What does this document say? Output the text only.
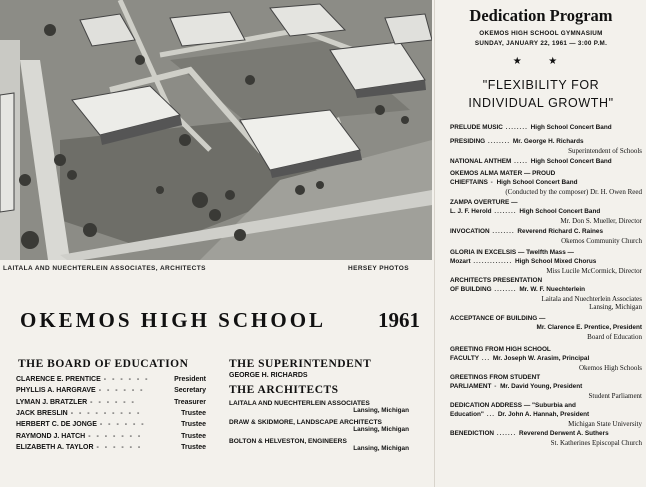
LAITALA AND NUECHTERLEIN ASSOCIATES, ARCHITECTS	HERSEY PHOTOS
OKEMOS HIGH SCHOOL 1961
THE BOARD OF EDUCATION
CLARENCE E. PRENTICE - - - - - -	President
PHYLLIS A. HARGRAVE - - - - - -	Secretary
LYMAN J. BRATZLER - - - - - -	Treasurer
JACK BRESLIN - - - - - - - - -	Trustee
HERBERT C. DE JONGE - - - - - -	Trustee
RAYMOND J. HATCH - - - - - - -	Trustee
ELIZABETH A. TAYLOR - - - - - -	Trustee
THE SUPERINTENDENT
GEORGE H. RICHARDS
THE ARCHITECTS
LAITALA AND NUECHTERLEIN ASSOCIATES
Lansing, Michigan
DRAW & SKIDMORE, LANDSCAPE ARCHITECTS
Lansing, Michigan
BOLTON & HELVESTON, ENGINEERS
Lansing, Michigan
Dedication Program
OKEMOS HIGH SCHOOL GYMNASIUM
SUNDAY, JANUARY 22, 1961 — 3:00 P.M.
★ ★
"FLEXIBILITY FOR
INDIVIDUAL GROWTH"
PRELUDE MUSIC ........ High School Concert Band
PRESIDING ........ Mr. George H. Richards
Superintendent of Schools
NATIONAL ANTHEM ..... High School Concert Band
OKEMOS ALMA MATER — PROUD
CHIEFTAINS - High School Concert Band
(Conducted by the composer) Dr. H. Owen Reed
ZAMPA OVERTURE —
L. J. F. Herold ........ High School Concert Band
Mr. Don S. Mueller, Director
INVOCATION ........ Reverend Richard C. Raines
Okemos Community Church
GLORIA IN EXCELSIS — Twelfth Mass —
Mozart .............. High School Mixed Chorus
Miss Lucile McCormick, Director
ARCHITECTS PRESENTATION
OF BUILDING ........ Mr. W. F. Nuechterlein
Laitala and Nuechterlein Associates
Lansing, Michigan
ACCEPTANCE OF BUILDING —
Mr. Clarence E. Prentice, President
Board of Education
GREETING FROM HIGH SCHOOL
FACULTY ... Mr. Joseph W. Arasim, Principal
Okemos High Schools
GREETINGS FROM STUDENT
PARLIAMENT - Mr. David Young, President
Student Parliament
DEDICATION ADDRESS — "Suburbia and
Education" ... Dr. John A. Hannah, President
Michigan State University
BENEDICTION ....... Reverend Derwent A. Suthers
St. Katherines Episcopal Church
